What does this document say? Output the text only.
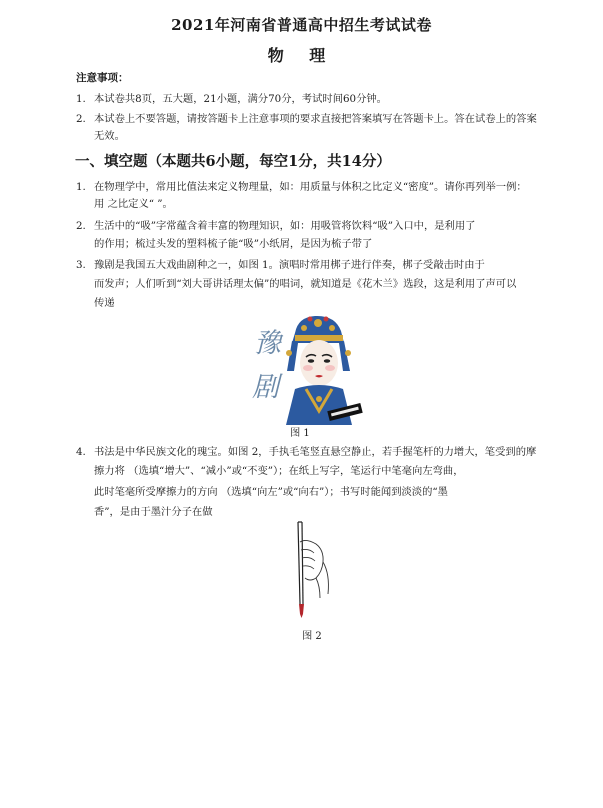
2021年河南省普通高中招生考试试卷
物 理
注意事项：
1. 本试卷共8页，五大题，21小题，满分70分，考试时间60分钟。
2. 本试卷上不要答题，请按答题卡上注意事项的要求直接把答案填写在答题卡上。答在试卷上的答案
无效。
一、填空题（本题共6小题，每空1分，共14分）
1. 在物理学中，常用比值法来定义物理量，如：用质量与体积之比定义“密度”。请你再列举一例：
用 之比定义“ ”。
2. 生活中的“吸”字常蕴含着丰富的物理知识，如：用吸管将饮料“吸”入口中，是利用了
的作用；梳过头发的塑料梳子能“吸”小纸屑，是因为梳子带了
3. 豫剧是我国五大戏曲剧种之一，如图 1。演唱时常用梆子进行伴奏，梆子受敲击时由于
而发声；人们听到“刘大哥讲话理太偏”的唱词，就知道是《花木兰》选段，这是利用了声可以
传递
豫
剧
图 1
4. 书法是中华民族文化的瑰宝。如图 2，手执毛笔竖直悬空静止，若手握笔杆的力增大，笔受到的摩
擦力将 （选填“增大”、“减小”或“不变”）；在纸上写字，笔运行中笔毫向左弯曲，
此时笔毫所受摩擦力的方向 （选填“向左”或“向右”）；书写时能闻到淡淡的“墨
香”，是由于墨汁分子在做
图 2
